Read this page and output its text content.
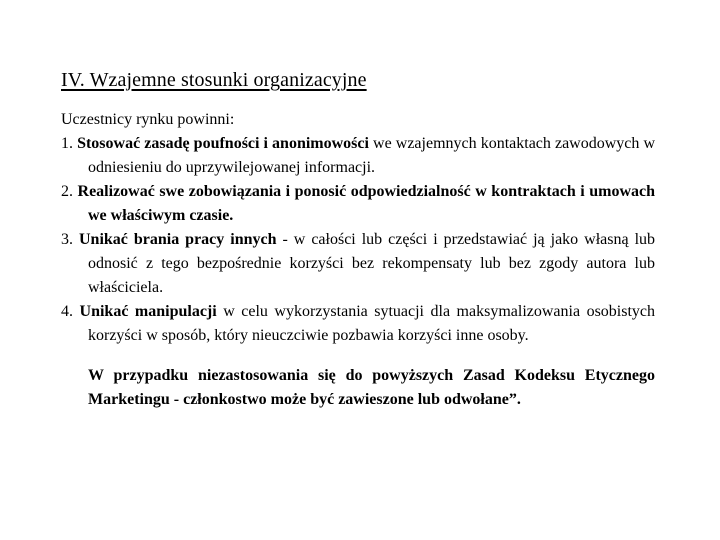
IV. Wzajemne stosunki organizacyjne

Uczestnicy rynku powinni:

1. Stosować zasadę poufności i anonimowości we wzajemnych kontaktach zawodowych w odniesieniu do uprzywilejowanej informacji.
2. Realizować swe zobowiązania i ponosić odpowiedzialność w kontraktach i umowach we właściwym czasie.
3. Unikać brania pracy innych - w całości lub części i przedstawiać ją jako własną lub odnosić z tego bezpośrednie korzyści bez rekompensaty lub bez zgody autora lub właściciela.
4. Unikać manipulacji w celu wykorzystania sytuacji dla maksymalizowania osobistych korzyści w sposób, który nieuczciwie pozbawia korzyści inne osoby.

W przypadku niezastosowania się do powyższych Zasad Kodeksu Etycznego Marketingu - członkostwo może być zawieszone lub odwołane”.
